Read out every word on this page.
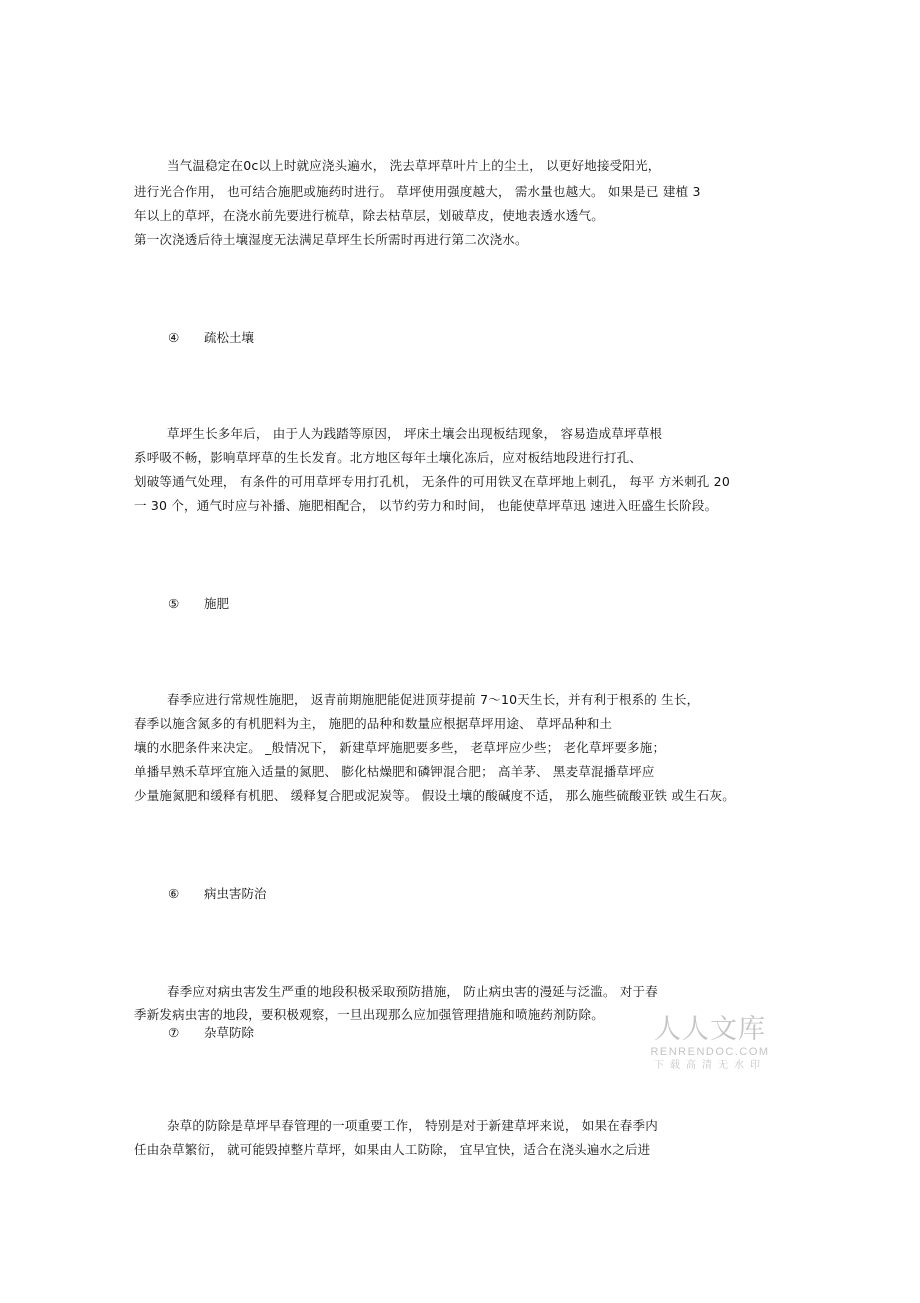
当气温稳定在0c以上时就应浇头遍水， 洗去草坪草叶片上的尘土， 以更好地接受阳光，
进行光合作用， 也可结合施肥或施药时进行。 草坪使用强度越大， 需水量也越大。 如果是已 建植 3
年以上的草坪，在浇水前先要进行梳草，除去枯草层，划破草皮，使地表透水透气。
第一次浇透后待土壤湿度无法满足草坪生长所需时再进行第二次浇水。
④ 疏松土壤
草坪生长多年后， 由于人为践踏等原因， 坪床土壤会出现板结现象， 容易造成草坪草根
系呼吸不畅，影响草坪草的生长发育。北方地区每年土壤化冻后，应对板结地段进行打孔、
划破等通气处理， 有条件的可用草坪专用打孔机， 无条件的可用铁叉在草坪地上刺孔， 每平 方米刺孔 20
一 30 个，通气时应与补播、施肥相配合， 以节约劳力和时间， 也能使草坪草迅 速进入旺盛生长阶段。
⑤ 施肥
春季应进行常规性施肥， 返青前期施肥能促进顶芽提前 7～10天生长，并有利于根系的 生长，
春季以施含氮多的有机肥料为主， 施肥的品种和数量应根据草坪用途、 草坪品种和土
壤的水肥条件来决定。 _般情况下， 新建草坪施肥要多些， 老草坪应少些； 老化草坪要多施；
单播早熟禾草坪宜施入适量的氮肥、 膨化枯燥肥和磷钾混合肥； 高羊茅、 黑麦草混播草坪应
少量施氮肥和缓释有机肥、 缓释复合肥或泥炭等。 假设土壤的酸碱度不适， 那么施些硫酸亚铁 或生石灰。
⑥ 病虫害防治
春季应对病虫害发生严重的地段积极采取预防措施， 防止病虫害的漫延与泛滥。 对于春
季新发病虫害的地段，要积极观察，一旦出现那么应加强管理措施和喷施药剂防除。
⑦ 杂草防除
杂草的防除是草坪早春管理的一项重要工作， 特别是对于新建草坪来说， 如果在春季内
任由杂草繁衍， 就可能毁掉整片草坪，如果由人工防除， 宜早宜快，适合在浇头遍水之后进
人人文库
RENRENDOC.COM
下载高清无水印
